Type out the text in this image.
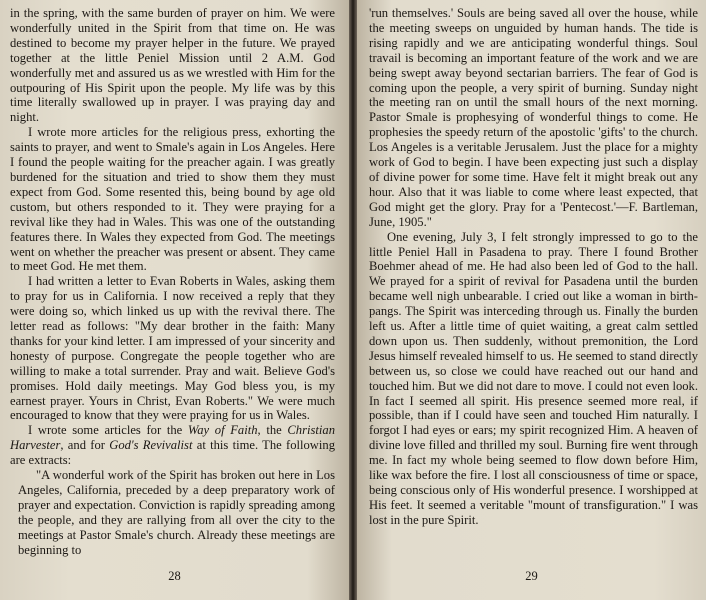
in the spring, with the same burden of prayer on him. We were wonderfully united in the Spirit from that time on. He was destined to become my prayer helper in the future. We prayed together at the little Peniel Mission until 2 A.M. God wonderfully met and assured us as we wrestled with Him for the outpouring of His Spirit upon the people. My life was by this time literally swallowed up in prayer. I was praying day and night.

I wrote more articles for the religious press, exhorting the saints to prayer, and went to Smale's again in Los Angeles. Here I found the people waiting for the preacher again. I was greatly burdened for the situation and tried to show them they must expect from God. Some resented this, being bound by age old custom, but others responded to it. They were praying for a revival like they had in Wales. This was one of the outstanding features there. In Wales they expected from God. The meetings went on whether the preacher was present or absent. They came to meet God. He met them.

I had written a letter to Evan Roberts in Wales, asking them to pray for us in California. I now received a reply that they were doing so, which linked us up with the revival there. The letter read as follows: "My dear brother in the faith: Many thanks for your kind letter. I am impressed of your sincerity and honesty of purpose. Congregate the people together who are willing to make a total surrender. Pray and wait. Believe God's promises. Hold daily meetings. May God bless you, is my earnest prayer. Yours in Christ, Evan Roberts." We were much encouraged to know that they were praying for us in Wales.

I wrote some articles for the Way of Faith, the Christian Harvester, and for God's Revivalist at this time. The following are extracts:

"A wonderful work of the Spirit has broken out here in Los Angeles, California, preceded by a deep preparatory work of prayer and expectation. Conviction is rapidly spreading among the people, and they are rallying from all over the city to the meetings at Pastor Smale's church. Already these meetings are beginning to

28

'run themselves.' Souls are being saved all over the house, while the meeting sweeps on unguided by human hands. The tide is rising rapidly and we are anticipating wonderful things. Soul travail is becoming an important feature of the work and we are being swept away beyond sectarian barriers. The fear of God is coming upon the people, a very spirit of burning. Sunday night the meeting ran on until the small hours of the next morning. Pastor Smale is prophesying of wonderful things to come. He prophesies the speedy return of the apostolic 'gifts' to the church. Los Angeles is a veritable Jerusalem. Just the place for a mighty work of God to begin. I have been expecting just such a display of divine power for some time. Have felt it might break out any hour. Also that it was liable to come where least expected, that God might get the glory. Pray for a 'Pentecost.'—F. Bartleman, June, 1905."

One evening, July 3, I felt strongly impressed to go to the little Peniel Hall in Pasadena to pray. There I found Brother Boehmer ahead of me. He had also been led of God to the hall. We prayed for a spirit of revival for Pasadena until the burden became well nigh unbearable. I cried out like a woman in birth-pangs. The Spirit was interceding through us. Finally the burden left us. After a little time of quiet waiting, a great calm settled down upon us. Then suddenly, without premonition, the Lord Jesus himself revealed himself to us. He seemed to stand directly between us, so close we could have reached out our hand and touched him. But we did not dare to move. I could not even look. In fact I seemed all spirit. His presence seemed more real, if possible, than if I could have seen and touched Him naturally. I forgot I had eyes or ears; my spirit recognized Him. A heaven of divine love filled and thrilled my soul. Burning fire went through me. In fact my whole being seemed to flow down before Him, like wax before the fire. I lost all consciousness of time or space, being conscious only of His wonderful presence. I worshipped at His feet. It seemed a veritable "mount of transfiguration." I was lost in the pure Spirit.

29
